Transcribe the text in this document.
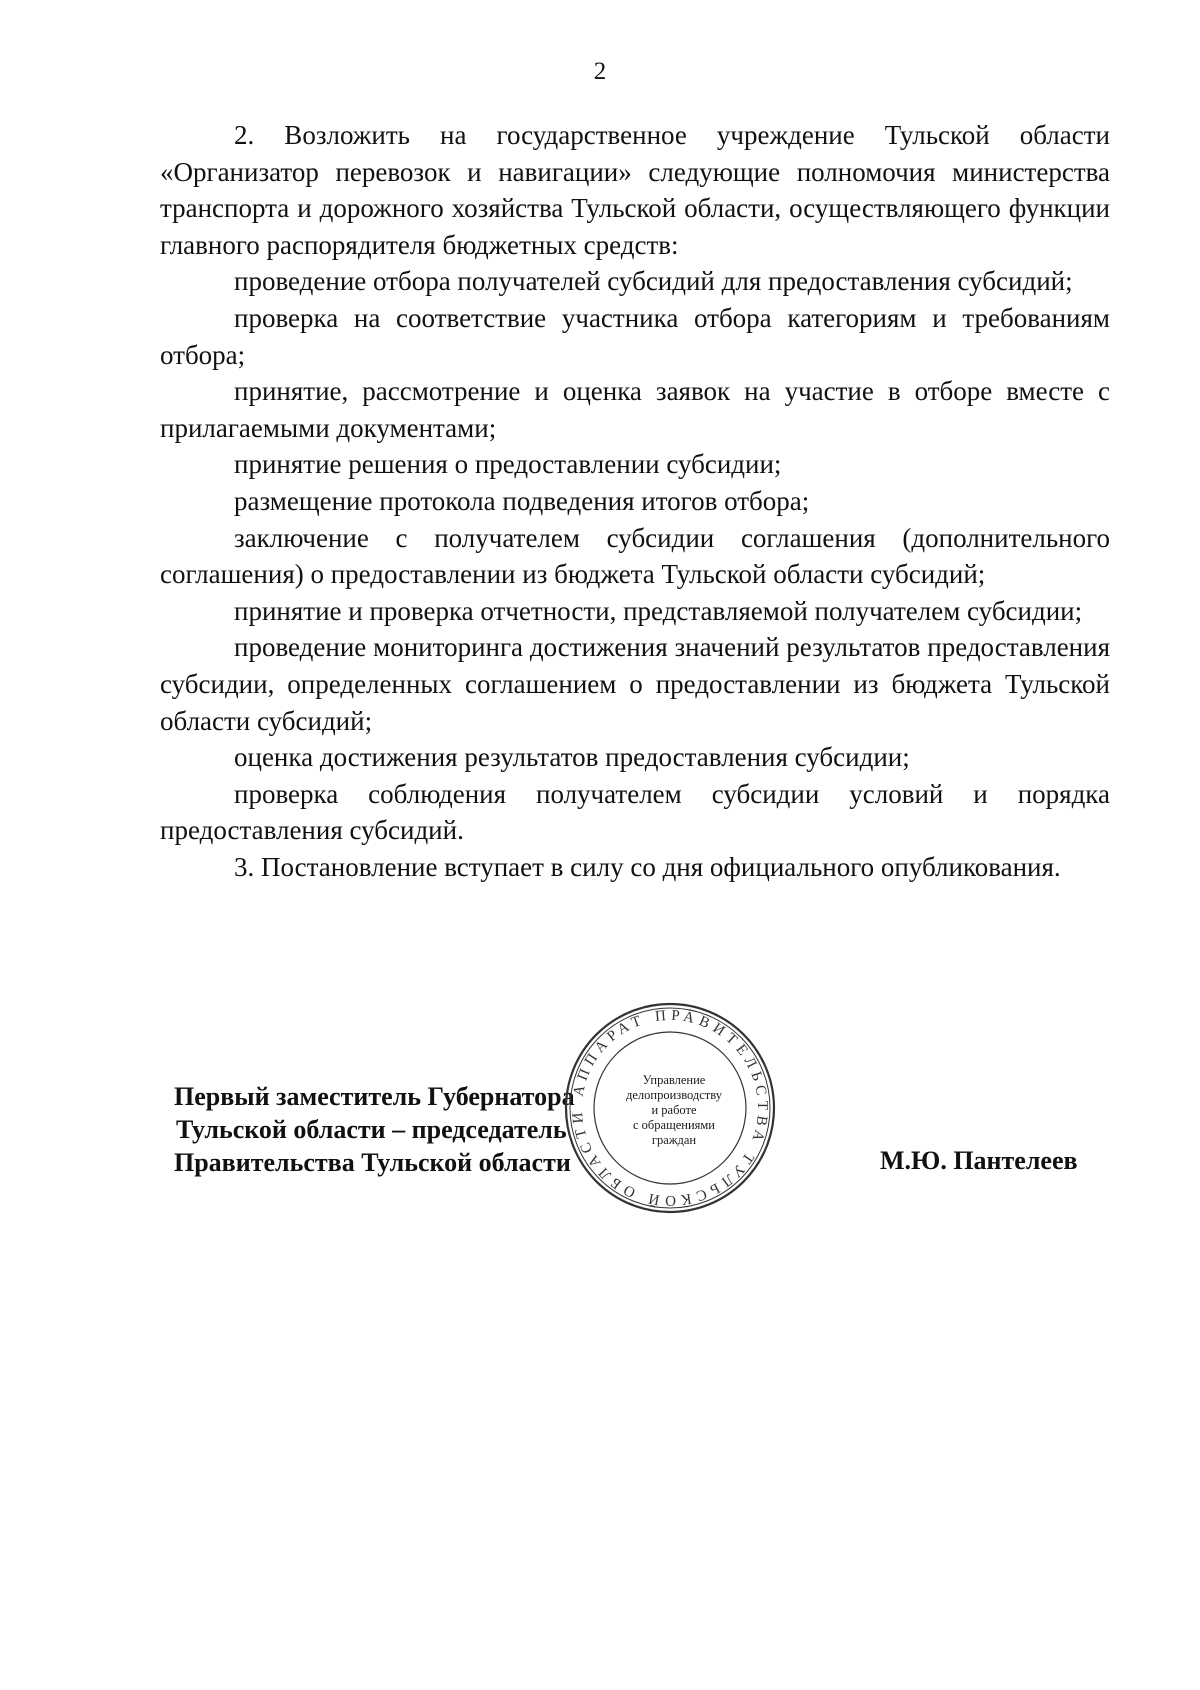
2

2. Возложить на государственное учреждение Тульской области «Организатор перевозок и навигации» следующие полномочия министерства транспорта и дорожного хозяйства Тульской области, осуществляющего функции главного распорядителя бюджетных средств:

проведение отбора получателей субсидий для предоставления субсидий;

проверка на соответствие участника отбора категориям и требованиям отбора;

принятие, рассмотрение и оценка заявок на участие в отборе вместе с прилагаемыми документами;

принятие решения о предоставлении субсидии;

размещение протокола подведения итогов отбора;

заключение с получателем субсидии соглашения (дополнительного соглашения) о предоставлении из бюджета Тульской области субсидий;

принятие и проверка отчетности, представляемой получателем субсидии;

проведение мониторинга достижения значений результатов предоставления субсидии, определенных соглашением о предоставлении из бюджета Тульской области субсидий;

оценка достижения результатов предоставления субсидии;

проверка соблюдения получателем субсидии условий и порядка предоставления субсидий.

3. Постановление вступает в силу со дня официального опубликования.

Первый заместитель Губернатора
Тульской области – председатель
Правительства Тульской области	М.Ю. Пантелеев
АППАРАТ ПРАВИТЕЛЬСТВА ТУЛЬСКОЙ ОБЛАСТИ
Управление
делопроизводству
и работе
с обращениями
граждан
